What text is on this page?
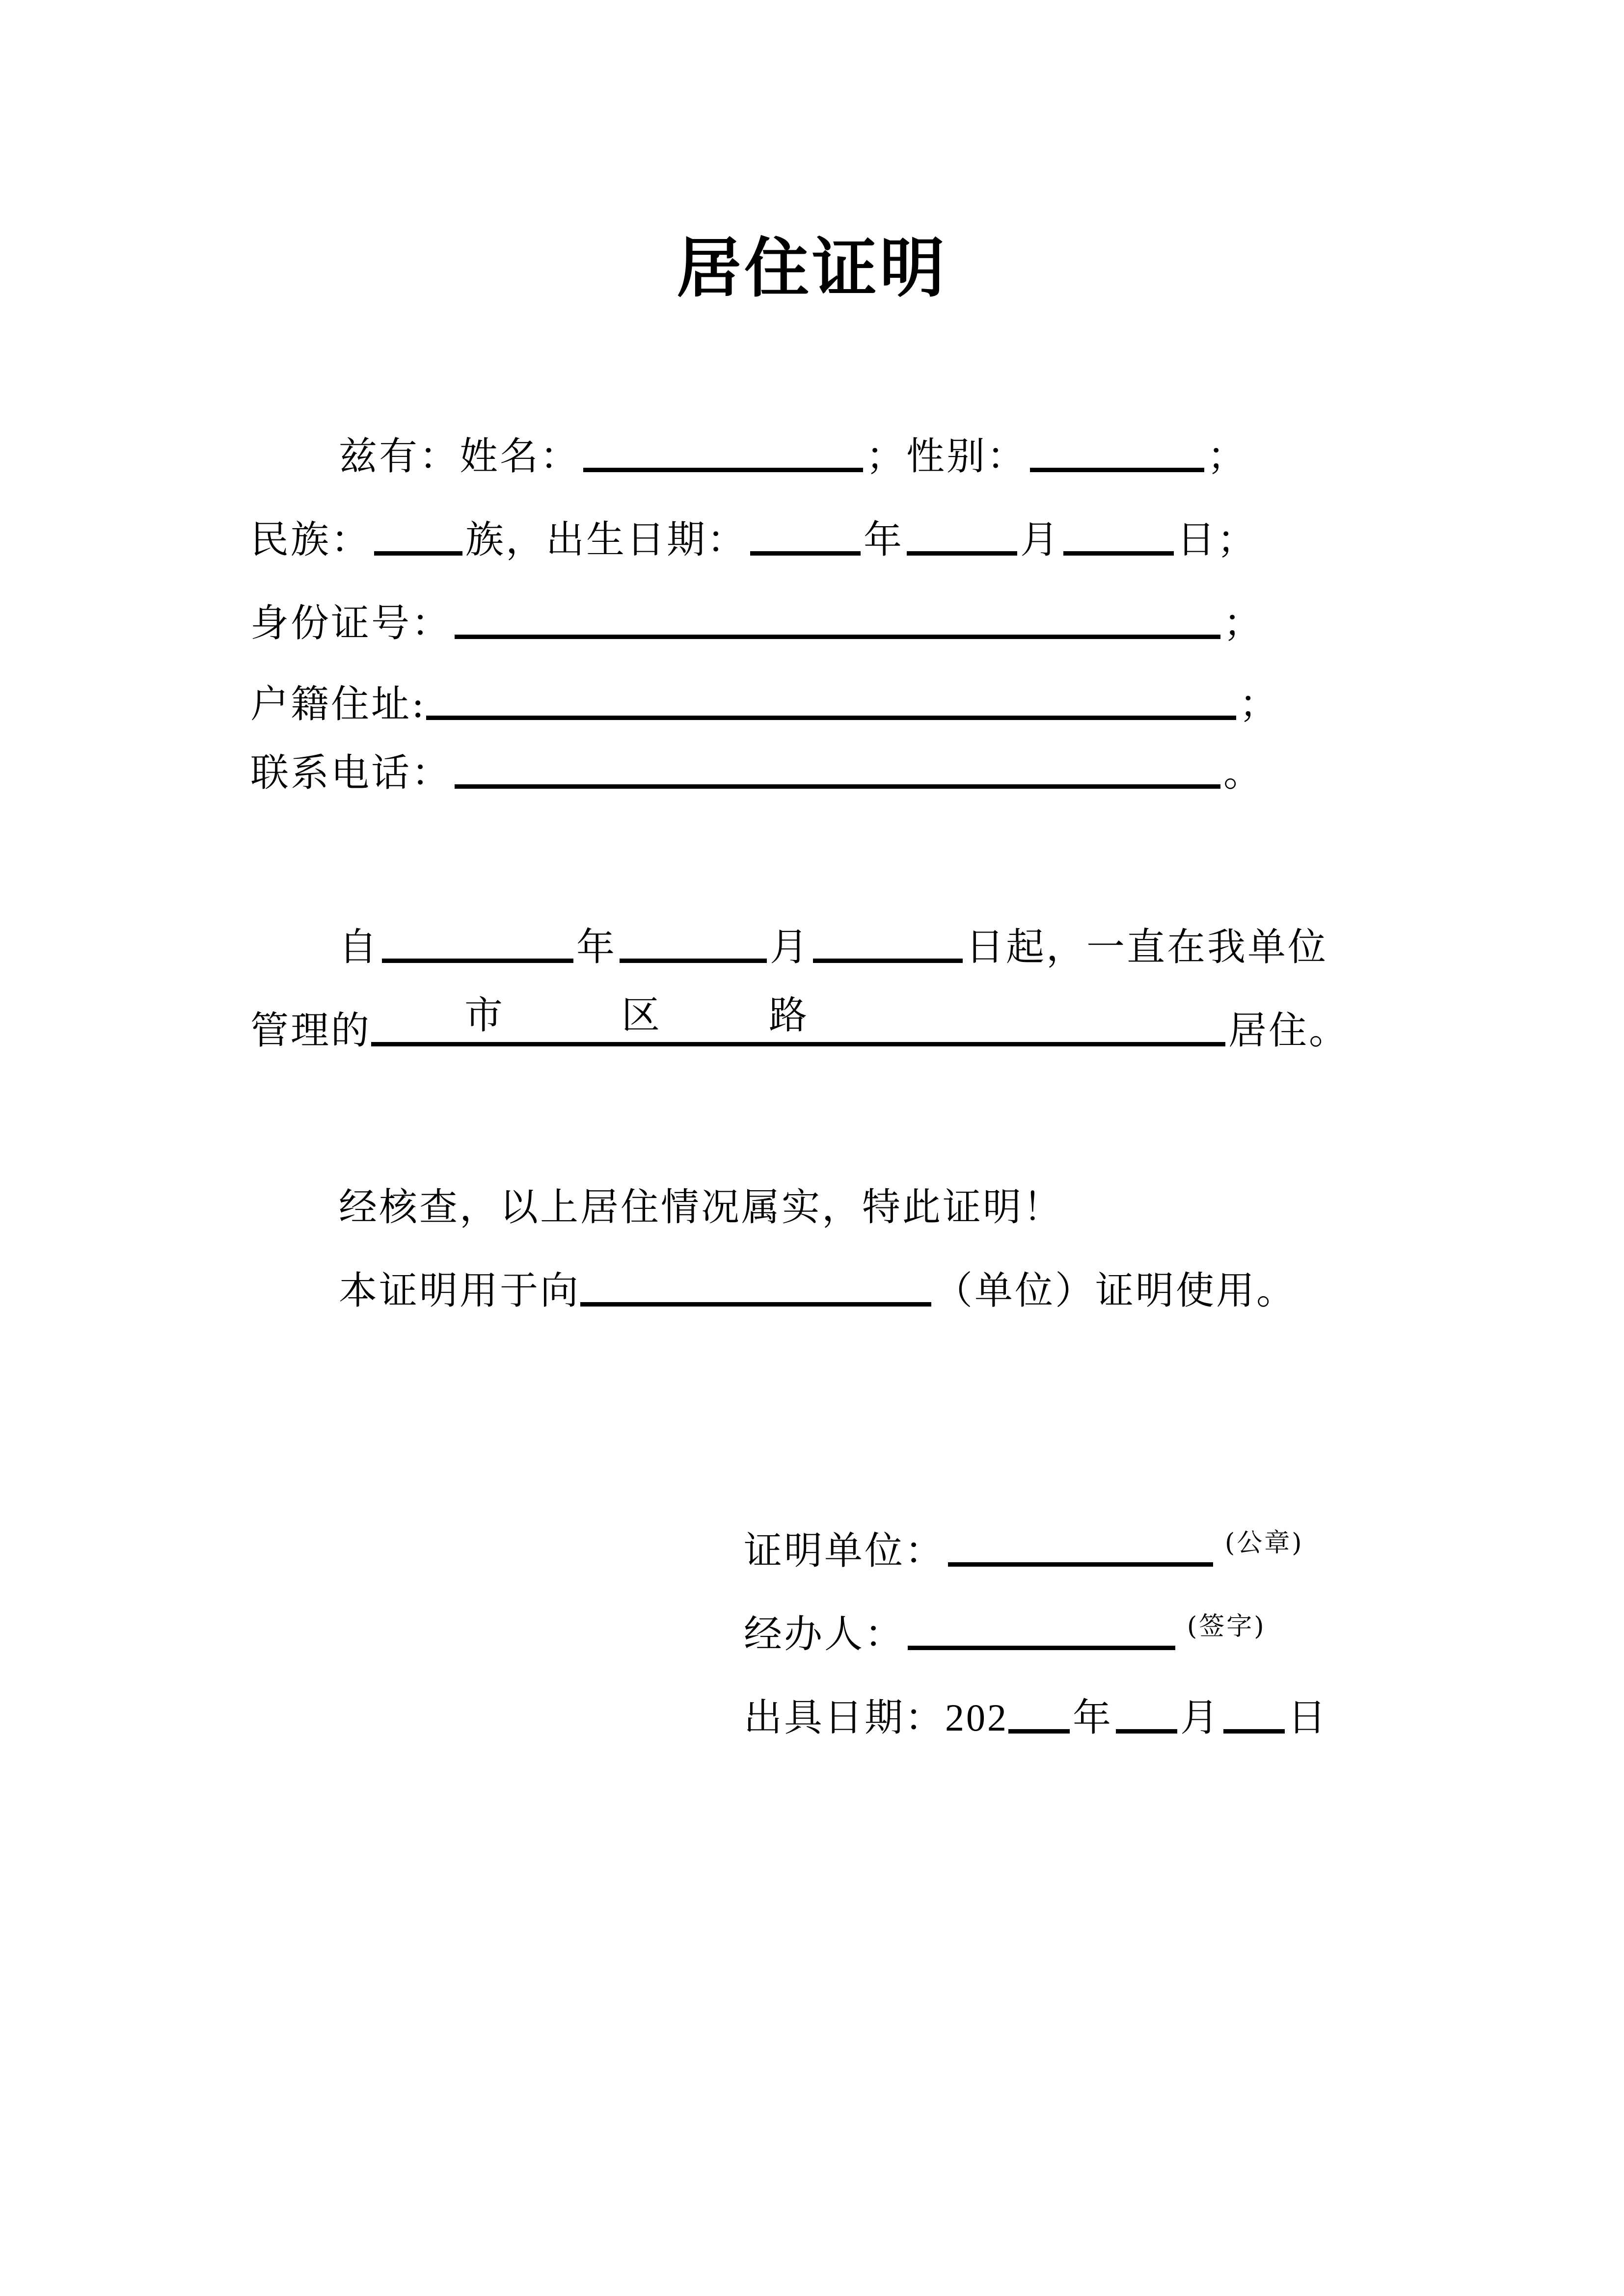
居住证明
兹有： 姓名：	； 性别：	；
民族： 族， 出生日期：	年	月	日 ；
身份证号：	；
户籍住址 :	；
联系电话：	。
自	年	月	日起，一直在我单位
管理的 市	区	路	居住。
经核查，以上居住情况属实，特此证明！
本证明用于向	（单位）证明使用。
证明单位：	(公章)
经办人：	(签字)
出具日期： 202 年 月 日
